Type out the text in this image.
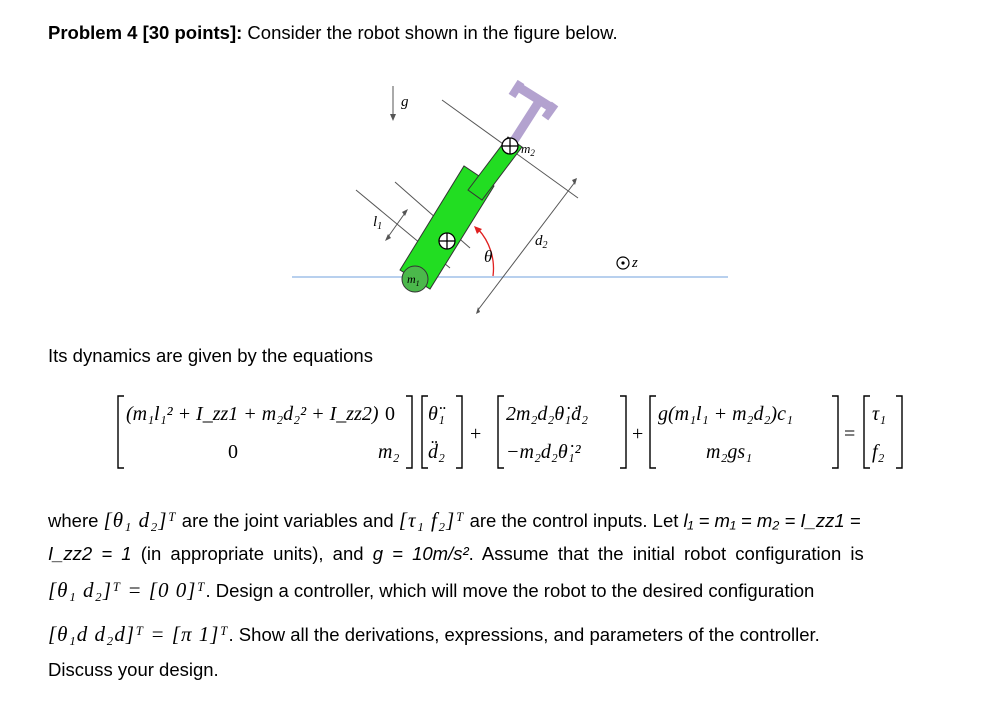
Problem 4 [30 points]: Consider the robot shown in the figure below.
g
$l_1$
$d_2$
$m_2$
$m_1$
θ	z
Its dynamics are given by the equations
(m₁l₁² + I_zz1 + m₂d₂² + I_zz2) 0
0	m₂
θ̈₁
d̈₂
+
2m₂d₂θ̇₁ḋ₂
−m₂d₂θ̇₁²
+
g(m₁l₁ + m₂d₂)c₁
m₂gs₁
=
τ₁
f₂
where [θ₁ d₂]ᵀ are the joint variables and [τ₁ f₂]ᵀ are the control inputs. Let l₁ = m₁ = m₂ = I_zz1 =
I_zz2 = 1 (in appropriate units), and g = 10m/s². Assume that the initial robot configuration is
[θ₁ d₂]ᵀ = [0 0]ᵀ. Design a controller, which will move the robot to the desired configuration
[θ₁d d₂d]ᵀ = [π 1]ᵀ. Show all the derivations, expressions, and parameters of the controller.
Discuss your design.
